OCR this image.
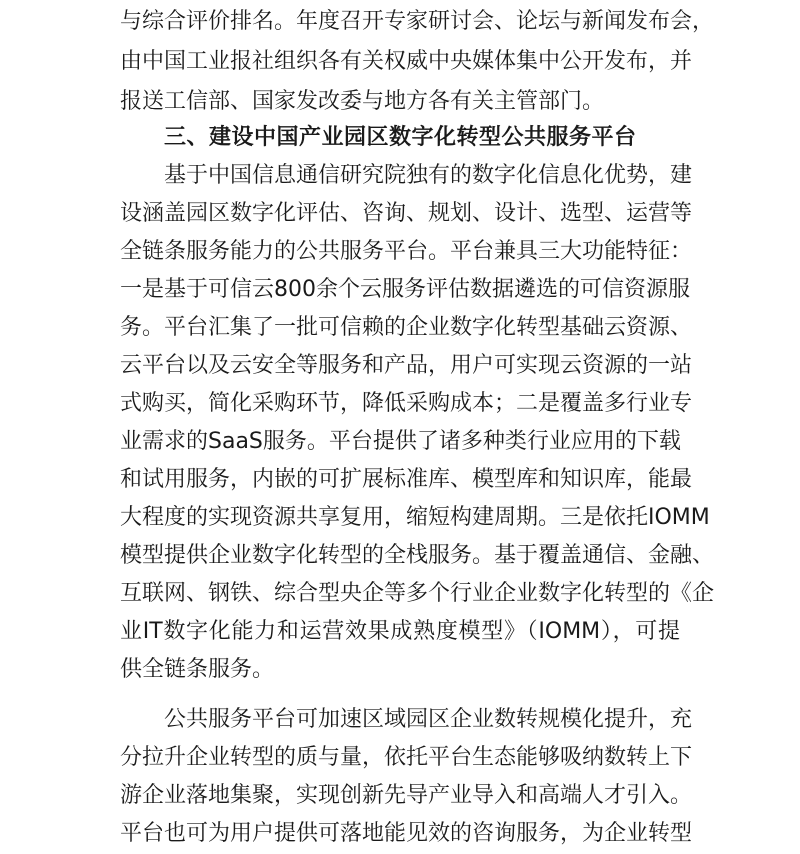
与综合评价排名。年度召开专家研讨会、论坛与新闻发布会，
由中国工业报社组织各有关权威中央媒体集中公开发布，并
报送工信部、国家发改委与地方各有关主管部门。
三、建设中国产业园区数字化转型公共服务平台
基于中国信息通信研究院独有的数字化信息化优势，建
设涵盖园区数字化评估、咨询、规划、设计、选型、运营等
全链条服务能力的公共服务平台。平台兼具三大功能特征：
一是基于可信云800余个云服务评估数据遴选的可信资源服
务。平台汇集了一批可信赖的企业数字化转型基础云资源、
云平台以及云安全等服务和产品，用户可实现云资源的一站
式购买，简化采购环节，降低采购成本；二是覆盖多行业专
业需求的SaaS服务。平台提供了诸多种类行业应用的下载
和试用服务，内嵌的可扩展标准库、模型库和知识库，能最
大程度的实现资源共享复用，缩短构建周期。三是依托IOMM
模型提供企业数字化转型的全栈服务。基于覆盖通信、金融、
互联网、钢铁、综合型央企等多个行业企业数字化转型的《企
业IT数字化能力和运营效果成熟度模型》（IOMM），可提
供全链条服务。
公共服务平台可加速区域园区企业数转规模化提升，充
分拉升企业转型的质与量，依托平台生态能够吸纳数转上下
游企业落地集聚，实现创新先导产业导入和高端人才引入。
平台也可为用户提供可落地能见效的咨询服务，为企业转型
